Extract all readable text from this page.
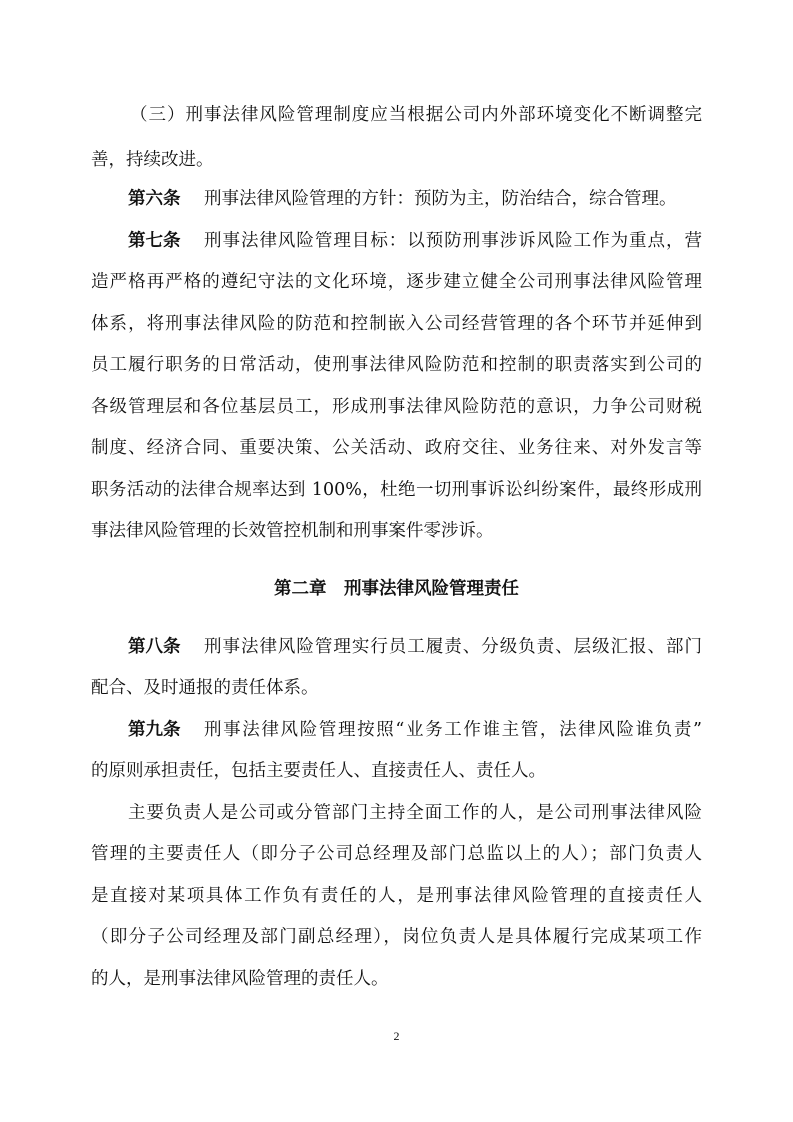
（三）刑事法律风险管理制度应当根据公司内外部环境变化不断调整完
善，持续改进。
第六条 刑事法律风险管理的方针：预防为主，防治结合，综合管理。
第七条 刑事法律风险管理目标：以预防刑事涉诉风险工作为重点，营
造严格再严格的遵纪守法的文化环境，逐步建立健全公司刑事法律风险管理
体系，将刑事法律风险的防范和控制嵌入公司经营管理的各个环节并延伸到
员工履行职务的日常活动，使刑事法律风险防范和控制的职责落实到公司的
各级管理层和各位基层员工，形成刑事法律风险防范的意识，力争公司财税
制度、经济合同、重要决策、公关活动、政府交往、业务往来、对外发言等
职务活动的法律合规率达到 100%，杜绝一切刑事诉讼纠纷案件，最终形成刑
事法律风险管理的长效管控机制和刑事案件零涉诉。
第二章　刑事法律风险管理责任
第八条 刑事法律风险管理实行员工履责、分级负责、层级汇报、部门
配合、及时通报的责任体系。
第九条 刑事法律风险管理按照“业务工作谁主管，法律风险谁负责”
的原则承担责任，包括主要责任人、直接责任人、责任人。
主要负责人是公司或分管部门主持全面工作的人，是公司刑事法律风险
管理的主要责任人（即分子公司总经理及部门总监以上的人）；部门负责人
是直接对某项具体工作负有责任的人，是刑事法律风险管理的直接责任人
（即分子公司经理及部门副总经理），岗位负责人是具体履行完成某项工作
的人，是刑事法律风险管理的责任人。
2
